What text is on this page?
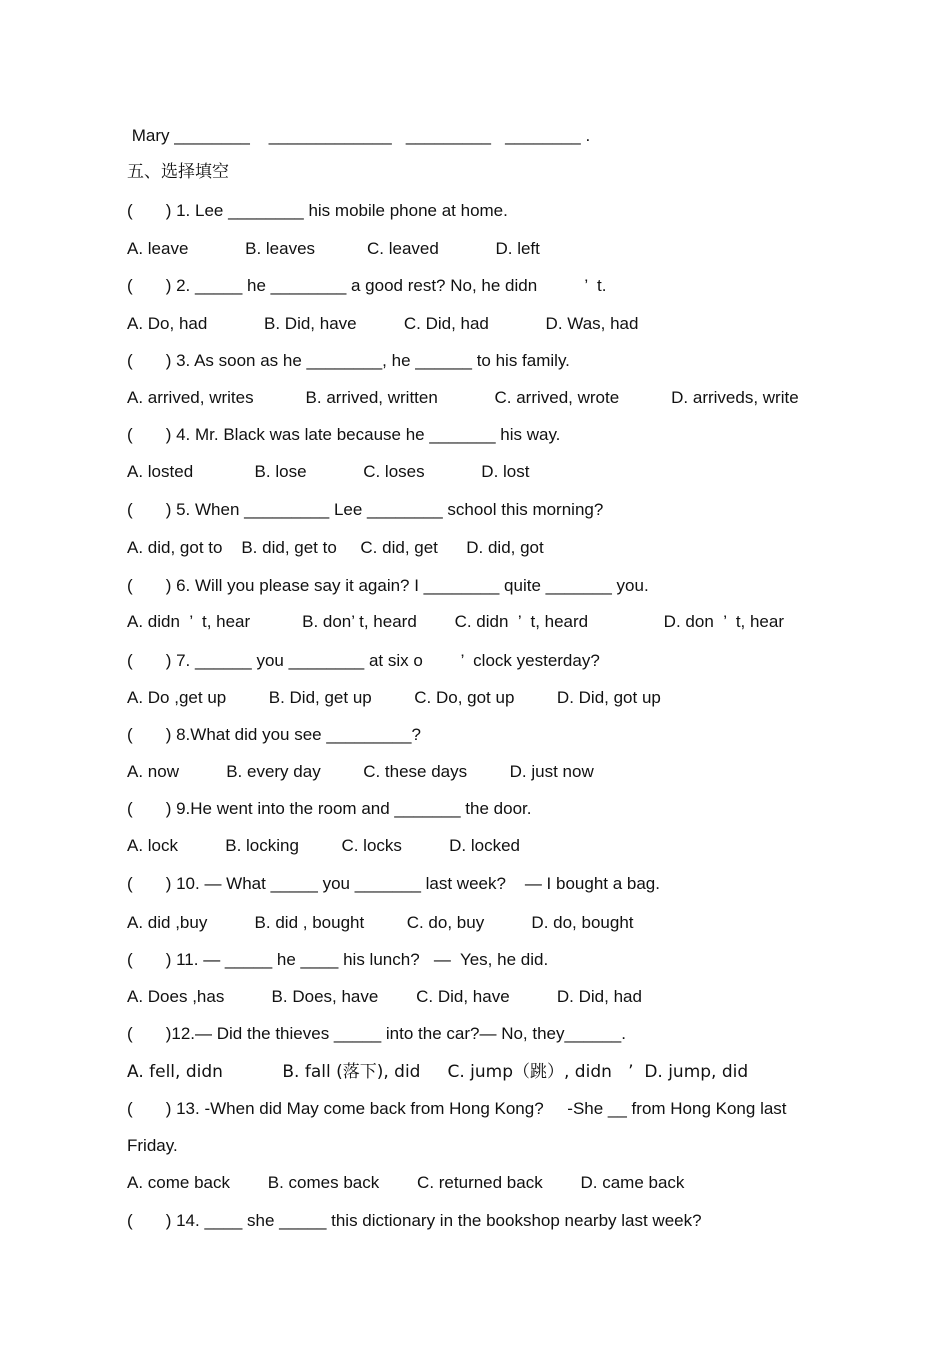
Mary ________    _____________   _________   ________ .
五、选择填空
(       ) 1. Lee ________ his mobile phone at home.
A. leave            B. leaves           C. leaved            D. left
(       ) 2. _____ he ________ a good rest? No, he didn          ’  t.
A. Do, had            B. Did, have          C. Did, had            D. Was, had
(       ) 3. As soon as he ________, he ______ to his family.
A. arrived, writes           B. arrived, written            C. arrived, wrote           D. arriveds, write
(       ) 4. Mr. Black was late because he _______ his way.
A. losted             B. lose            C. loses            D. lost
(       ) 5. When _________ Lee ________ school this morning?
A. did, got to    B. did, get to     C. did, get      D. did, got
(       ) 6. Will you please say it again? I ________ quite _______ you.
A. didn  ’  t, hear           B. don’ t, heard        C. didn  ’  t, heard                D. don  ’  t, hear
(       ) 7. ______ you ________ at six o        ’  clock yesterday?
A. Do ,get up         B. Did, get up         C. Do, got up         D. Did, got up
(       ) 8.What did you see _________?
A. now          B. every day         C. these days         D. just now
(       ) 9.He went into the room and _______ the door.
A. lock          B. locking         C. locks          D. locked
(       ) 10. — What _____ you _______ last week?    — I bought a bag.
A. did ,buy          B. did , bought         C. do, buy          D. do, bought
(       ) 11. — _____ he ____ his lunch?   —  Yes, he did.
A. Does ,has          B. Does, have        C. Did, have          D. Did, had
(       )12.— Did the thieves _____ into the car?— No, they______.
A. fell, didn           B. fall (落下), did     C. jump（跳）, didn   ’  D. jump, did
(       ) 13. -When did May come back from Hong Kong?     -She __ from Hong Kong last
Friday.
A. come back        B. comes back        C. returned back        D. came back
(       ) 14. ____ she _____ this dictionary in the bookshop nearby last week?
